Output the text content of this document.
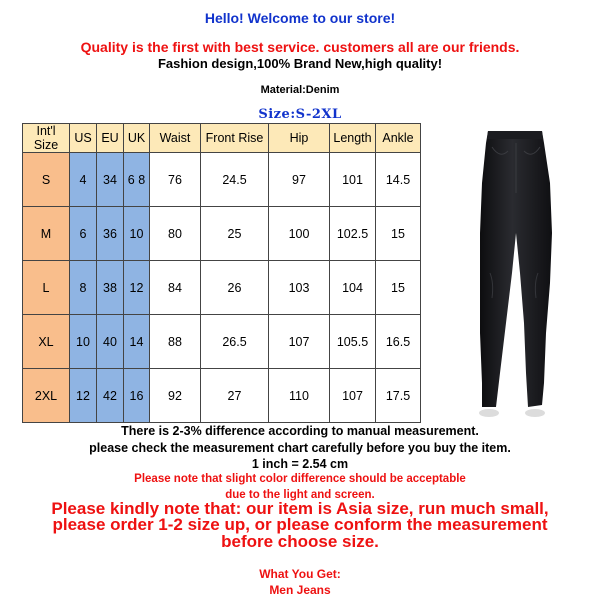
Hello! Welcome to our store!
Quality is the first with best service. customers all are our friends.
Fashion design,100% Brand New,high quality!
Material:Denim
Size:S-2XL
Int'l Size	US	EU	UK	Waist	Front Rise	Hip	Length	Ankle
S	4	34	6 8	76	24.5	97	101	14.5
M	6	36	10	80	25	100	102.5	15
L	8	38	12	84	26	103	104	15
XL	10	40	14	88	26.5	107	105.5	16.5
2XL	12	42	16	92	27	110	107	17.5
There is 2-3% difference according to manual measurement.
please check the measurement chart carefully before you buy the item.
1 inch = 2.54 cm
Please note that slight color difference should be acceptable
due to the light and screen.
Please kindly note that: our item is Asia size, run much small,
please order 1-2 size up, or please conform the measurement
before choose size.
What You Get:
Men Jeans
